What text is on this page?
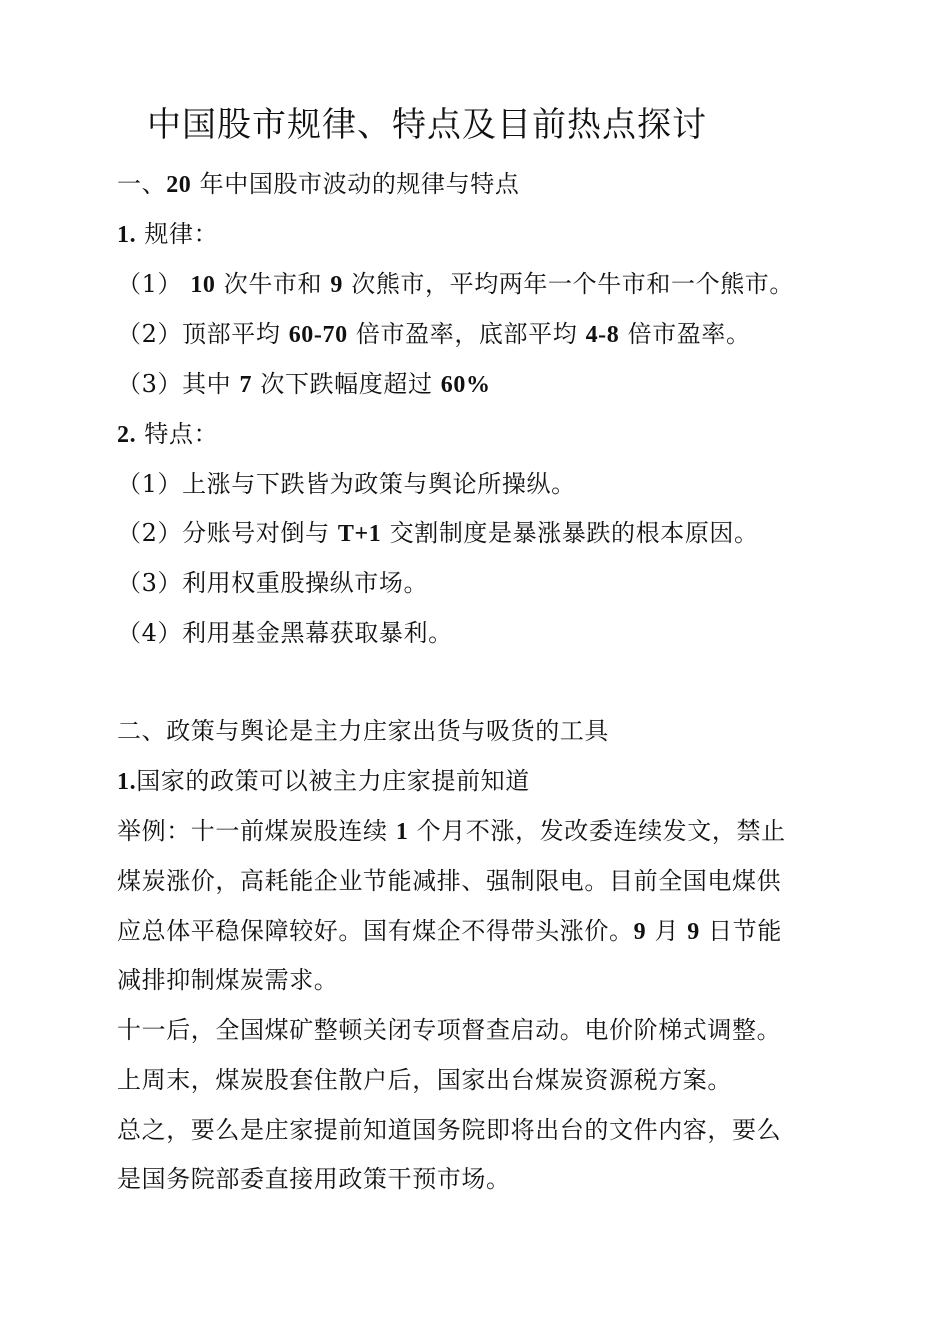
中国股市规律、特点及目前热点探讨
一、20 年中国股市波动的规律与特点
1. 规律：
（1） 10 次牛市和 9 次熊市，平均两年一个牛市和一个熊市。
（2）顶部平均 60-70 倍市盈率，底部平均 4-8 倍市盈率。
（3）其中 7 次下跌幅度超过 60%
2. 特点：
（1）上涨与下跌皆为政策与舆论所操纵。
（2）分账号对倒与 T+1 交割制度是暴涨暴跌的根本原因。
（3）利用权重股操纵市场。
（4）利用基金黑幕获取暴利。
二、政策与舆论是主力庄家出货与吸货的工具
1.国家的政策可以被主力庄家提前知道
举例：十一前煤炭股连续 1 个月不涨，发改委连续发文，禁止
煤炭涨价，高耗能企业节能减排、强制限电。目前全国电煤供
应总体平稳保障较好。国有煤企不得带头涨价。9 月 9 日节能
减排抑制煤炭需求。
十一后，全国煤矿整顿关闭专项督查启动。电价阶梯式调整。
上周末，煤炭股套住散户后，国家出台煤炭资源税方案。
总之，要么是庄家提前知道国务院即将出台的文件内容，要么
是国务院部委直接用政策干预市场。
